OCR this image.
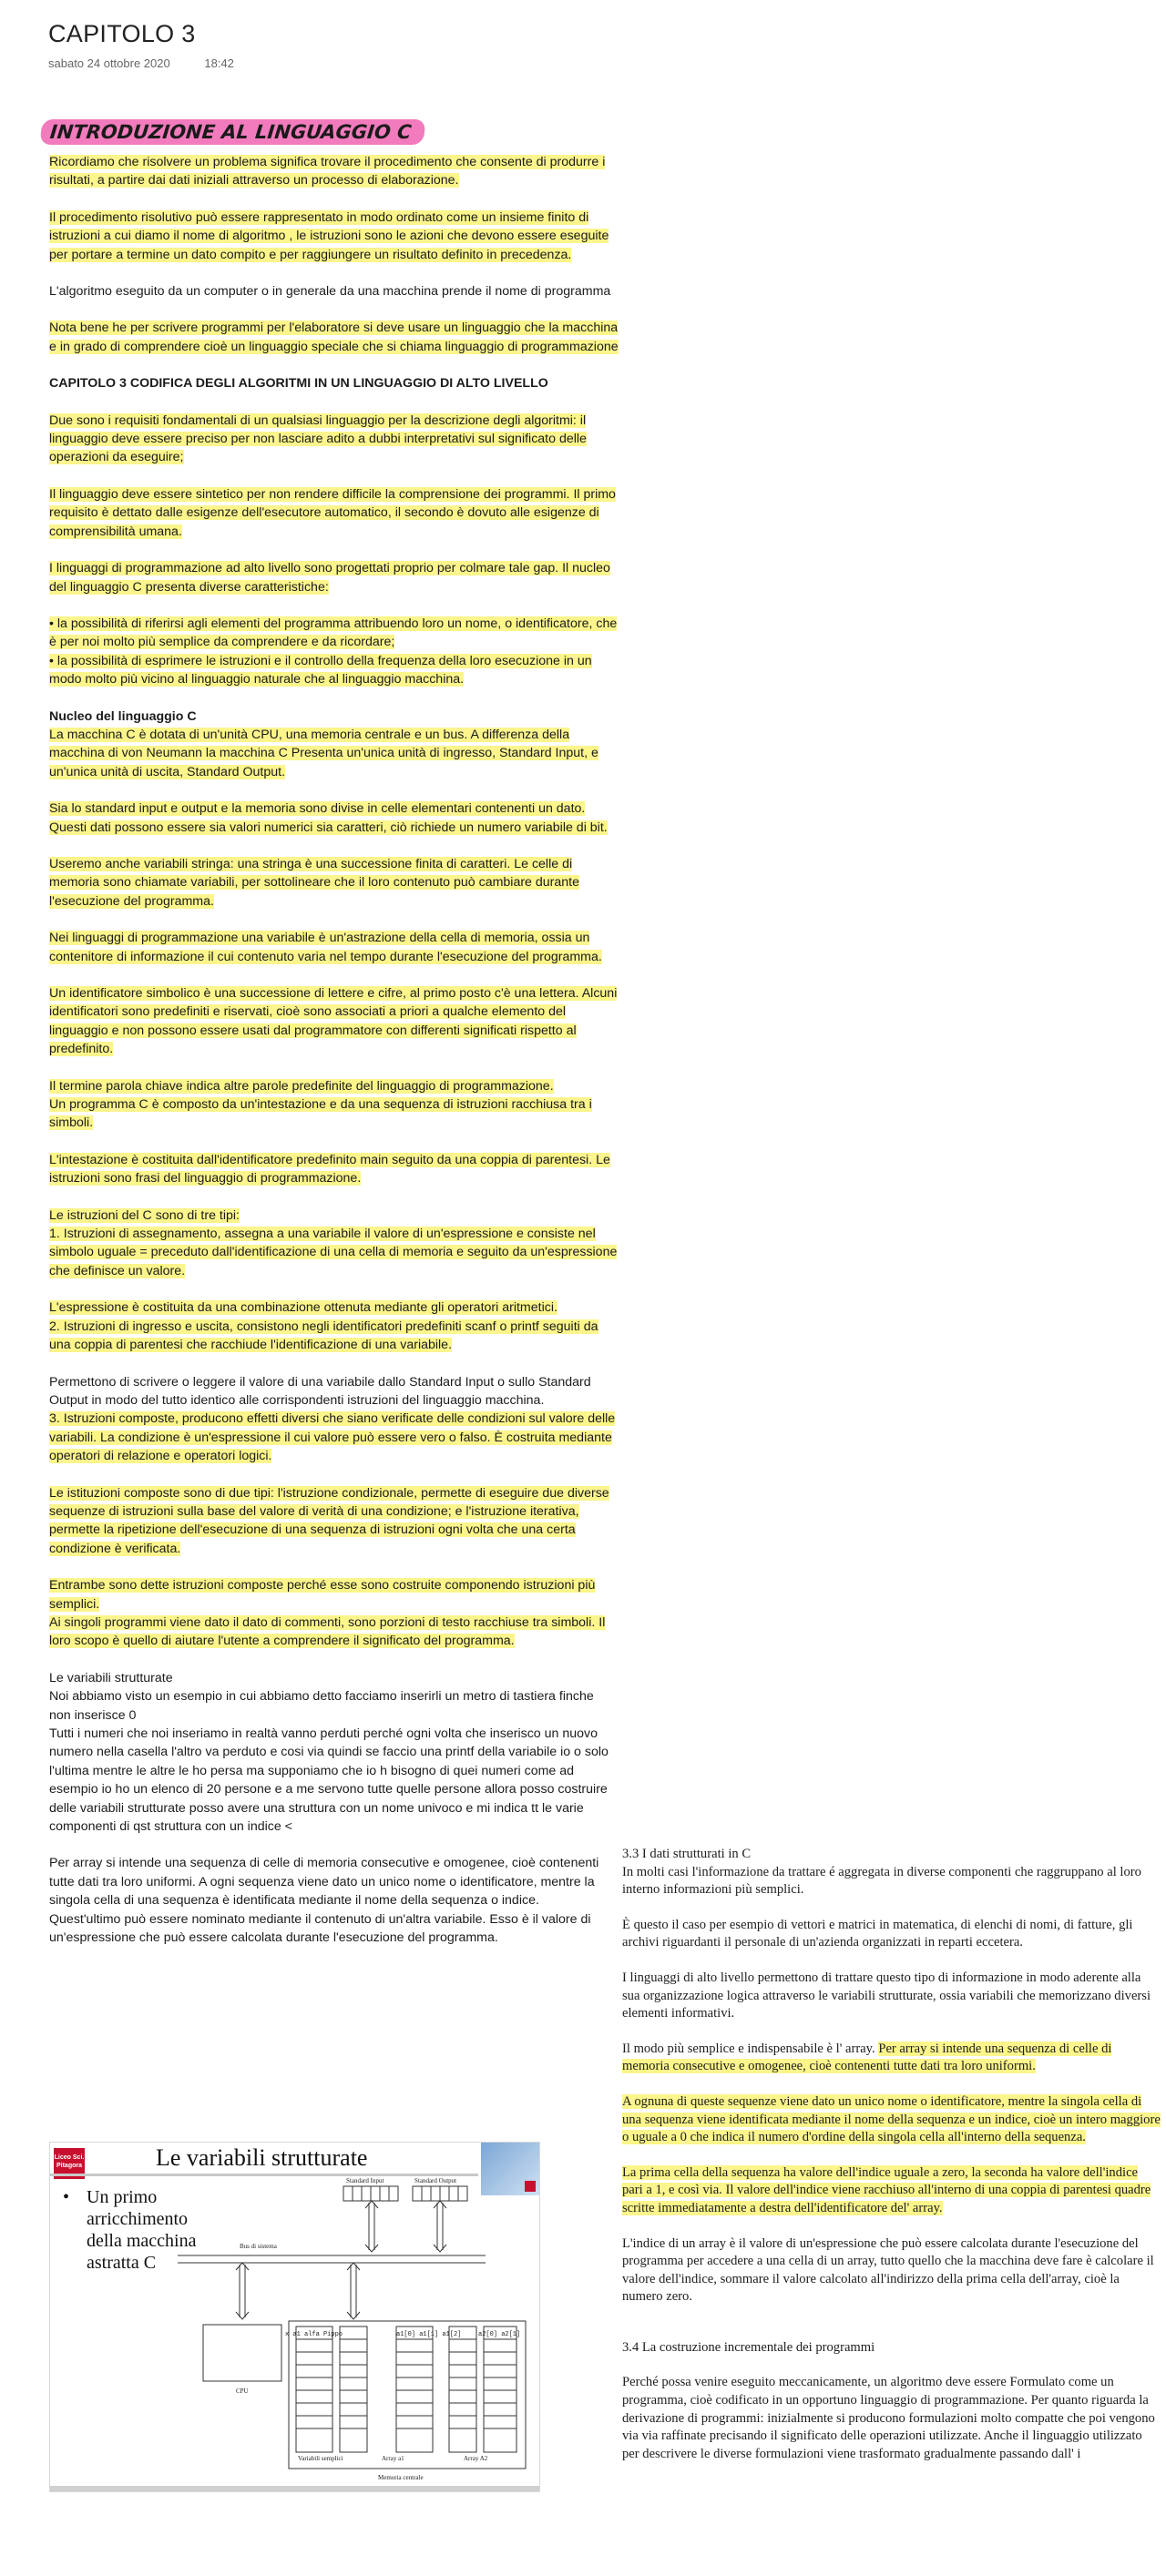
CAPITOLO 3
sabato 24 ottobre 2020	18:42
INTRODUZIONE AL LINGUAGGIO C

Ricordiamo che risolvere un problema significa trovare il procedimento che consente di produrre i risultati, a partire dai dati iniziali attraverso un processo di elaborazione.

Il procedimento risolutivo può essere rappresentato in modo ordinato come un insieme finito di istruzioni a cui diamo il nome di algoritmo , le istruzioni sono le azioni che devono essere eseguite per portare a termine un dato compito e per raggiungere un risultato definito in precedenza.

L'algoritmo eseguito da un computer o in generale da una macchina prende il nome di programma

Nota bene he per scrivere programmi per l'elaboratore si deve usare un linguaggio che la macchina e in grado di comprendere cioè un linguaggio speciale che si chiama linguaggio di programmazione

CAPITOLO 3 CODIFICA DEGLI ALGORITMI IN UN LINGUAGGIO DI ALTO LIVELLO

Due sono i requisiti fondamentali di un qualsiasi linguaggio per la descrizione degli algoritmi: il linguaggio deve essere preciso per non lasciare adito a dubbi interpretativi sul significato delle operazioni da eseguire;

Il linguaggio deve essere sintetico per non rendere difficile la comprensione dei programmi. Il primo requisito è dettato dalle esigenze dell'esecutore automatico, il secondo è dovuto alle esigenze di comprensibilità umana.

I linguaggi di programmazione ad alto livello sono progettati proprio per colmare tale gap. Il nucleo del linguaggio C presenta diverse caratteristiche:

• la possibilità di riferirsi agli elementi del programma attribuendo loro un nome, o identificatore, che è per noi molto più semplice da comprendere e da ricordare;

• la possibilità di esprimere le istruzioni e il controllo della frequenza della loro esecuzione in un modo molto più vicino al linguaggio naturale che al linguaggio macchina.

Nucleo del linguaggio C

La macchina C è dotata di un'unità CPU, una memoria centrale e un bus. A differenza della macchina di von Neumann la macchina C Presenta un'unica unità di ingresso, Standard Input, e un'unica unità di uscita, Standard Output.

Sia lo standard input e output e la memoria sono divise in celle elementari contenenti un dato.

Questi dati possono essere sia valori numerici sia caratteri, ciò richiede un numero variabile di bit.

Useremo anche variabili stringa: una stringa è una successione finita di caratteri. Le celle di memoria sono chiamate variabili, per sottolineare che il loro contenuto può cambiare durante l'esecuzione del programma.

Nei linguaggi di programmazione una variabile è un'astrazione della cella di memoria, ossia un contenitore di informazione il cui contenuto varia nel tempo durante l'esecuzione del programma.

Un identificatore simbolico è una successione di lettere e cifre, al primo posto c'è una lettera. Alcuni identificatori sono predefiniti e riservati, cioè sono associati a priori a qualche elemento del linguaggio e non possono essere usati dal programmatore con differenti significati rispetto al predefinito.

Il termine parola chiave indica altre parole predefinite del linguaggio di programmazione.

Un programma C è composto da un'intestazione e da una sequenza di istruzioni racchiusa tra i simboli.

L'intestazione è costituita dall'identificatore predefinito main seguito da una coppia di parentesi. Le istruzioni sono frasi del linguaggio di programmazione.

Le istruzioni del C sono di tre tipi:

1. Istruzioni di assegnamento, assegna a una variabile il valore di un'espressione e consiste nel simbolo uguale = preceduto dall'identificazione di una cella di memoria e seguito da un'espressione che definisce un valore.

L'espressione è costituita da una combinazione ottenuta mediante gli operatori aritmetici.

2. Istruzioni di ingresso e uscita, consistono negli identificatori predefiniti scanf o printf seguiti da una coppia di parentesi che racchiude l'identificazione di una variabile.

Permettono di scrivere o leggere il valore di una variabile dallo Standard Input o sullo Standard Output in modo del tutto identico alle corrispondenti istruzioni del linguaggio macchina.

3. Istruzioni composte, producono effetti diversi che siano verificate delle condizioni sul valore delle variabili. La condizione è un'espressione il cui valore può essere vero o falso. È costruita mediante operatori di relazione e operatori logici.

Le istituzioni composte sono di due tipi: l'istruzione condizionale, permette di eseguire due diverse sequenze di istruzioni sulla base del valore di verità di una condizione; e l'istruzione iterativa, permette la ripetizione dell'esecuzione di una sequenza di istruzioni ogni volta che una certa condizione è verificata.

Entrambe sono dette istruzioni composte perché esse sono costruite componendo istruzioni più semplici.

Ai singoli programmi viene dato il dato di commenti, sono porzioni di testo racchiuse tra simboli. Il loro scopo è quello di aiutare l'utente a comprendere il significato del programma.

Le variabili strutturate

Noi abbiamo visto un esempio in cui abbiamo detto facciamo inserirli un metro di tastiera finche non inserisce 0

Tutti i numeri che noi inseriamo in realtà vanno perduti perché ogni volta che inserisco un nuovo numero nella casella l'altro va perduto e cosi via quindi se faccio una printf della variabile io o solo l'ultima mentre le altre le ho persa ma supponiamo che io h bisogno di quei numeri come ad esempio io ho un elenco di 20 persone e a me servono tutte quelle persone allora posso costruire delle variabili strutturate posso avere una struttura con un nome univoco e mi indica tt le varie componenti di qst struttura con un indice <

Per array si intende una sequenza di celle di memoria consecutive e omogenee, cioè contenenti tutte dati tra loro uniformi. A ogni sequenza viene dato un unico nome o identificatore, mentre la singola cella di una sequenza è identificata mediante il nome della sequenza o indice.

Quest'ultimo può essere nominato mediante il contenuto di un'altra variabile. Esso è il valore di un'espressione che può essere calcolata durante l'esecuzione del programma.

Liceo Sci. Pitagora	Le variabili strutturate
• Un primo arricchimento della macchina astratta C
Standard Input	Standard Output
Bus di sistema
CPU
x a1 alfa Pippo	a1[0] a1[1] a1[2]	a2[0] a2[1]
Variabili semplici	Array a1	Array A2
Memoria centrale

3.3 I dati strutturati in C

In molti casi l'informazione da trattare é aggregata in diverse componenti che raggruppano al loro interno informazioni più semplici.

È questo il caso per esempio di vettori e matrici in matematica, di elenchi di nomi, di fatture, gli archivi riguardanti il personale di un'azienda organizzati in reparti eccetera.

I linguaggi di alto livello permettono di trattare questo tipo di informazione in modo aderente alla sua organizzazione logica attraverso le variabili strutturate, ossia variabili che memorizzano diversi elementi informativi.

Il modo più semplice e indispensabile è l' array. Per array si intende una sequenza di celle di memoria consecutive e omogenee, cioè contenenti tutte dati tra loro uniformi.

A ognuna di queste sequenze viene dato un unico nome o identificatore, mentre la singola cella di una sequenza viene identificata mediante il nome della sequenza e un indice, cioè un intero maggiore o uguale a 0 che indica il numero d'ordine della singola cella all'interno della sequenza.

La prima cella della sequenza ha valore dell'indice uguale a zero, la seconda ha valore dell'indice pari a 1, e così via. Il valore dell'indice viene racchiuso all'interno di una coppia di parentesi quadre scritte immediatamente a destra dell'identificatore del' array.

L'indice di un array è il valore di un'espressione che può essere calcolata durante l'esecuzione del programma per accedere a una cella di un array, tutto quello che la macchina deve fare è calcolare il valore dell'indice, sommare il valore calcolato all'indirizzo della prima cella dell'array, cioè la numero zero.

3.4 La costruzione incrementale dei programmi

Perché possa venire eseguito meccanicamente, un algoritmo deve essere Formulato come un programma, cioè codificato in un opportuno linguaggio di programmazione. Per quanto riguarda la derivazione di programmi: inizialmente si producono formulazioni molto compatte che poi vengono via via raffinate precisando il significato delle operazioni utilizzate. Anche il linguaggio utilizzato per descrivere le diverse formulazioni viene trasformato gradualmente passando dall' i
